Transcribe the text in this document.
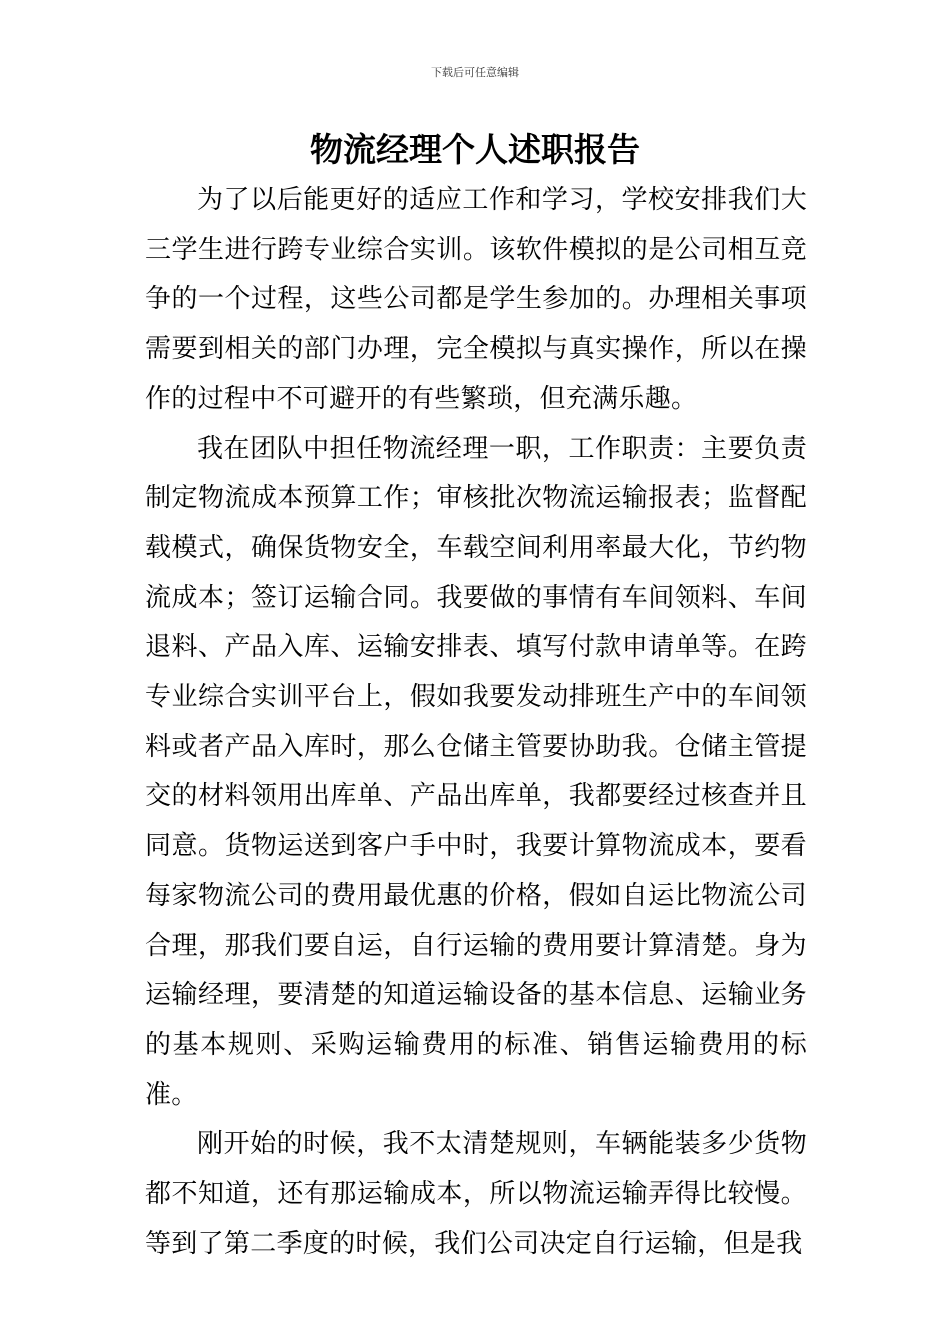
下载后可任意编辑
物流经理个人述职报告

为了以后能更好的适应工作和学习，学校安排我们大三学生进行跨专业综合实训。该软件模拟的是公司相互竞争的一个过程，这些公司都是学生参加的。办理相关事项需要到相关的部门办理，完全模拟与真实操作，所以在操作的过程中不可避开的有些繁琐，但充满乐趣。

我在团队中担任物流经理一职，工作职责：主要负责制定物流成本预算工作；审核批次物流运输报表；监督配载模式，确保货物安全，车载空间利用率最大化，节约物流成本；签订运输合同。我要做的事情有车间领料、车间退料、产品入库、运输安排表、填写付款申请单等。在跨专业综合实训平台上，假如我要发动排班生产中的车间领料或者产品入库时，那么仓储主管要协助我。仓储主管提交的材料领用出库单、产品出库单，我都要经过核查并且同意。货物运送到客户手中时，我要计算物流成本，要看每家物流公司的费用最优惠的价格，假如自运比物流公司合理，那我们要自运，自行运输的费用要计算清楚。身为运输经理，要清楚的知道运输设备的基本信息、运输业务的基本规则、采购运输费用的标准、销售运输费用的标准。

刚开始的时候，我不太清楚规则，车辆能装多少货物都不知道，还有那运输成本，所以物流运输弄得比较慢。等到了第二季度的时候，我们公司决定自行运输，但是我
